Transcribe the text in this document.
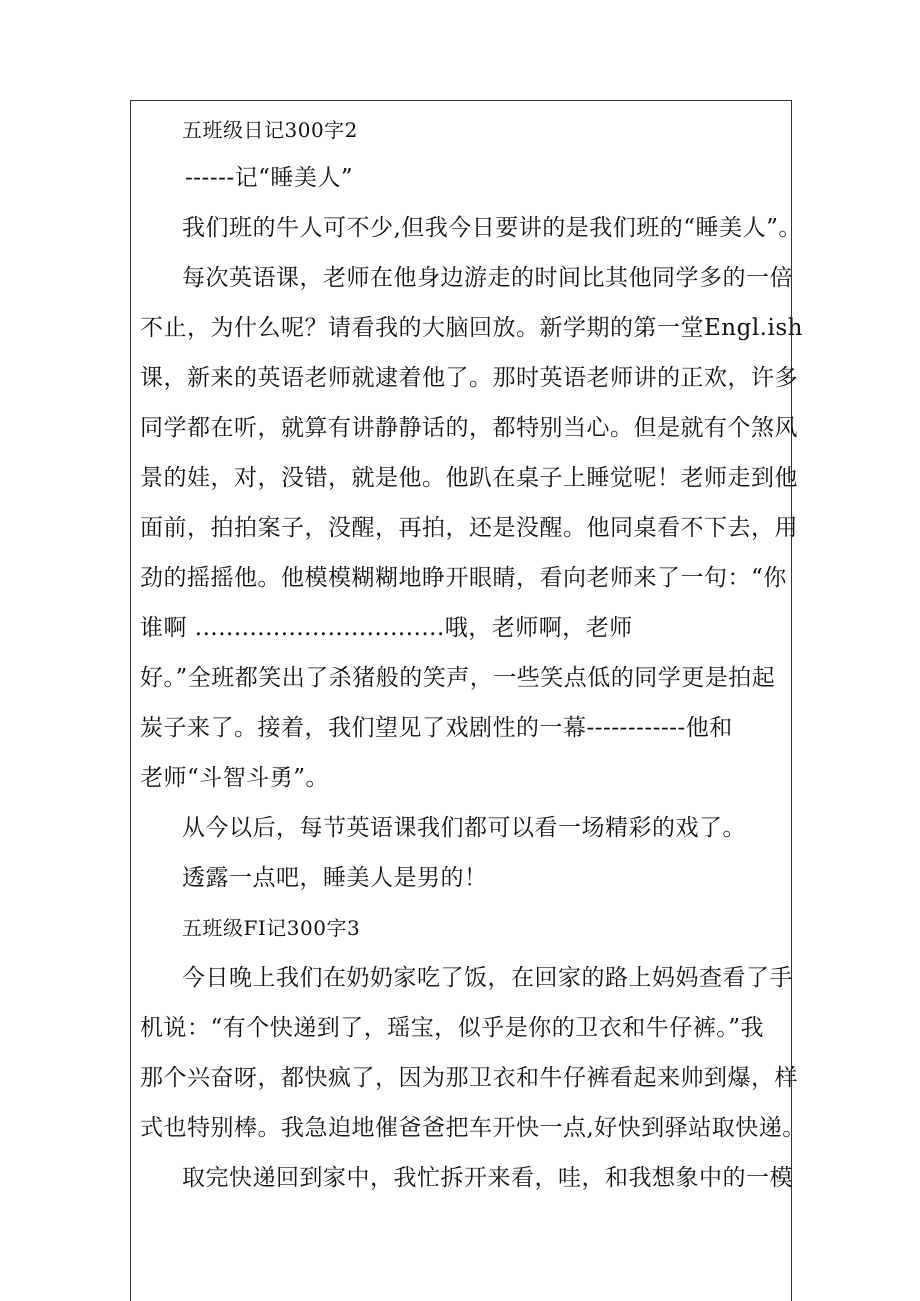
五班级日记300字2
------记“睡美人”
我们班的牛人可不少,但我今日要讲的是我们班的“睡美人”。
每次英语课，老师在他身边游走的时间比其他同学多的一倍
不止，为什么呢？请看我的大脑回放。新学期的第一堂Engl.ish
课，新来的英语老师就逮着他了。那时英语老师讲的正欢，许多
同学都在听，就算有讲静静话的，都特别当心。但是就有个煞风
景的娃，对，没错，就是他。他趴在桌子上睡觉呢！老师走到他
面前，拍拍案子，没醒，再拍，还是没醒。他同桌看不下去，用
劲的摇摇他。他模模糊糊地睁开眼睛，看向老师来了一句：“你
谁啊 ................................哦，老师啊，老师
好。”全班都笑出了杀猪般的笑声，一些笑点低的同学更是拍起
炭子来了。接着，我们望见了戏剧性的一幕------------他和
老师“斗智斗勇”。
从今以后，每节英语课我们都可以看一场精彩的戏了。
透露一点吧，睡美人是男的！
五班级FI记300字3
今日晚上我们在奶奶家吃了饭，在回家的路上妈妈查看了手
机说：“有个快递到了，瑶宝，似乎是你的卫衣和牛仔裤。”我
那个兴奋呀，都快疯了，因为那卫衣和牛仔裤看起来帅到爆，样
式也特别棒。我急迫地催爸爸把车开快一点,好快到驿站取快递。
取完快递回到家中，我忙拆开来看，哇，和我想象中的一模
